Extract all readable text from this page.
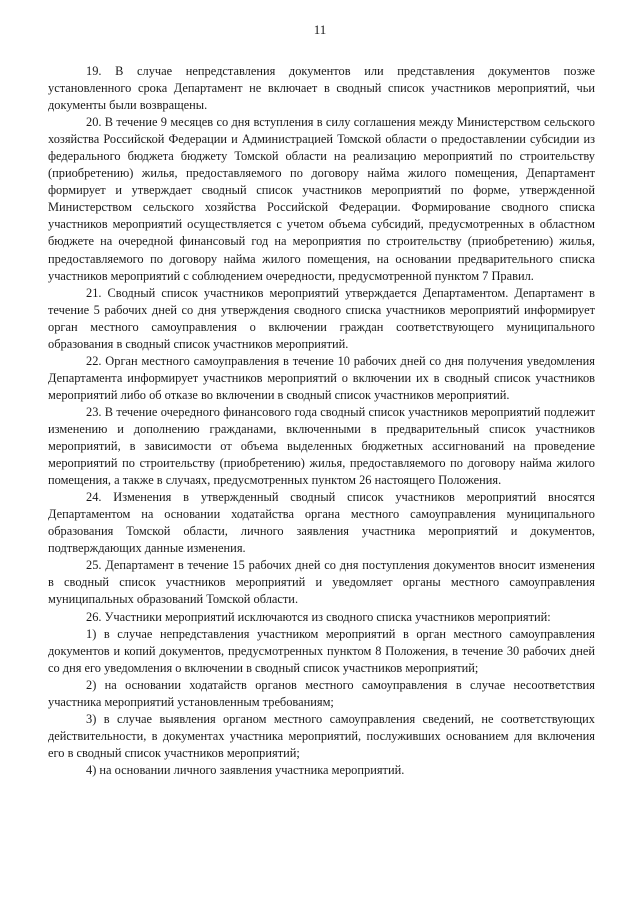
11

19. В случае непредставления документов или представления документов позже установленного срока Департамент не включает в сводный список участников мероприятий, чьи документы были возвращены.

20. В течение 9 месяцев со дня вступления в силу соглашения между Министерством сельского хозяйства Российской Федерации и Администрацией Томской области о предоставлении субсидии из федерального бюджета бюджету Томской области на реализацию мероприятий по строительству (приобретению) жилья, предоставляемого по договору найма жилого помещения, Департамент формирует и утверждает сводный список участников мероприятий по форме, утвержденной Министерством сельского хозяйства Российской Федерации. Формирование сводного списка участников мероприятий осуществляется с учетом объема субсидий, предусмотренных в областном бюджете на очередной финансовый год на мероприятия по строительству (приобретению) жилья, предоставляемого по договору найма жилого помещения, на основании предварительного списка участников мероприятий с соблюдением очередности, предусмотренной пунктом 7 Правил.

21. Сводный список участников мероприятий утверждается Департаментом. Департамент в течение 5 рабочих дней со дня утверждения сводного списка участников мероприятий информирует орган местного самоуправления о включении граждан соответствующего муниципального образования в сводный список участников мероприятий.

22. Орган местного самоуправления в течение 10 рабочих дней со дня получения уведомления Департамента информирует участников мероприятий о включении их в сводный список участников мероприятий либо об отказе во включении в сводный список участников мероприятий.

23. В течение очередного финансового года сводный список участников мероприятий подлежит изменению и дополнению гражданами, включенными в предварительный список участников мероприятий, в зависимости от объема выделенных бюджетных ассигнований на проведение мероприятий по строительству (приобретению) жилья, предоставляемого по договору найма жилого помещения, а также в случаях, предусмотренных пунктом 26 настоящего Положения.

24. Изменения в утвержденный сводный список участников мероприятий вносятся Департаментом на основании ходатайства органа местного самоуправления муниципального образования Томской области, личного заявления участника мероприятий и документов, подтверждающих данные изменения.

25. Департамент в течение 15 рабочих дней со дня поступления документов вносит изменения в сводный список участников мероприятий и уведомляет органы местного самоуправления муниципальных образований Томской области.

26. Участники мероприятий исключаются из сводного списка участников мероприятий:

1) в случае непредставления участником мероприятий в орган местного самоуправления документов и копий документов, предусмотренных пунктом 8 Положения, в течение 30 рабочих дней со дня его уведомления о включении в сводный список участников мероприятий;

2) на основании ходатайств органов местного самоуправления в случае несоответствия участника мероприятий установленным требованиям;

3) в случае выявления органом местного самоуправления сведений, не соответствующих действительности, в документах участника мероприятий, послуживших основанием для включения его в сводный список участников мероприятий;

4) на основании личного заявления участника мероприятий.
